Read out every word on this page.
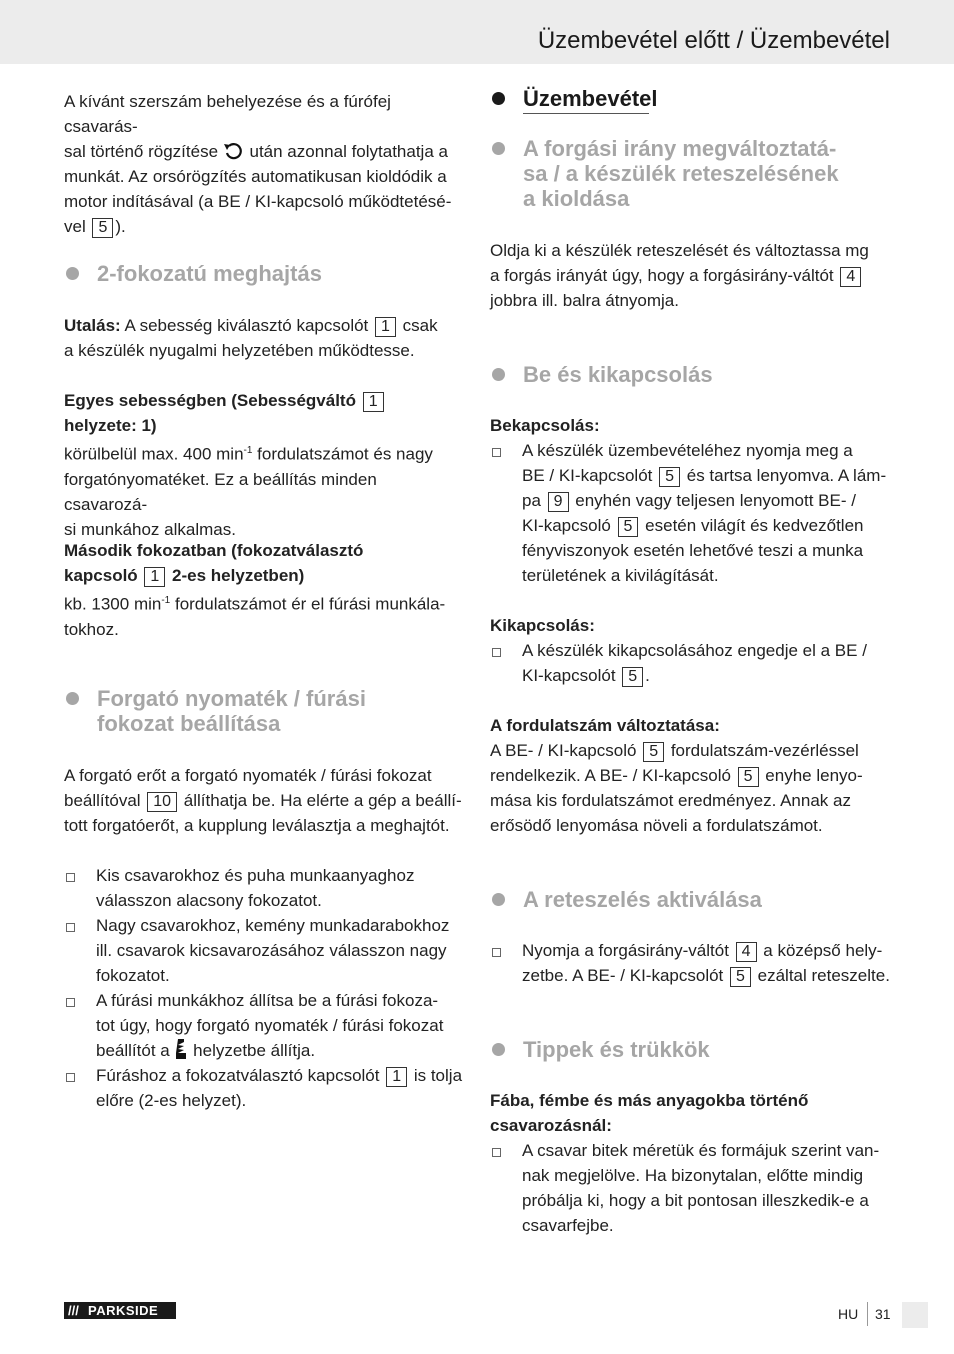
Üzembevétel előtt / Üzembevétel

A kívánt szerszám behelyezése és a fúrófej csavarás-

sal történő rögzítése  után azonnal folytathatja a

munkát. Az orsórögzítés automatikusan kioldódik a

motor indításával (a BE / KI-kapcsoló működtetésé-

vel 5 ).

2-fokozatú meghajtás

Utalás: A sebesség kiválasztó kapcsolót 1 csak

a készülék nyugalmi helyzetében működtesse.

Egyes sebességben (Sebességváltó 1

helyzete: 1)

körülbelül max. 400 $\min^{-1}$ fordulatszámot és nagy

forgatónyomatéket. Ez a beállítás minden csavarozá-

si munkához alkalmas.

Második fokozatban (fokozatválasztó

kapcsoló 1 2-es helyzetben)

kb. 1300 $\min^{-1}$ fordulatszámot ér el fúrási munkála-

tokhoz.

Forgató nyomaték / fúrási
fokozat beállítása

A forgató erőt a forgató nyomaték / fúrási fokozat

beállítóval 10 állíthatja be. Ha elérte a gép a beállí-

tott forgatóerőt, a kupplung leválasztja a meghajtót.

Kis csavarokhoz és puha munkaanyaghoz
válasszon alacsony fokozatot.
Nagy csavarokhoz, kemény munkadarabokhoz
ill. csavarok kicsavarozásához válasszon nagy
fokozatot.
A fúrási munkákhoz állítsa be a fúrási fokoza-
tot úgy, hogy forgató nyomaték / fúrási fokozat
beállítót a  helyzetbe állítja.
Fúráshoz a fokozatválasztó kapcsolót 1 is tolja
előre (2-es helyzet).
Üzembevétel
A forgási irány megváltoztatá-
sa / a készülék reteszelésének
a kioldása

Oldja ki a készülék reteszelését és változtassa mg

a forgás irányát úgy, hogy a forgásirány-váltót 4

jobbra ill. balra átnyomja.

Be és kikapcsolás

Bekapcsolás:

A készülék üzembevételéhez nyomja meg a
BE / KI-kapcsolót 5 és tartsa lenyomva. A lám-
pa 9 enyhén vagy teljesen lenyomott BE- /
KI-kapcsoló 5 esetén világít és kedvezőtlen
fényviszonyok esetén lehetővé teszi a munka
területének a kivilágítását.

Kikapcsolás:

A készülék kikapcsolásához engedje el a BE /
KI-kapcsolót 5 .

A fordulatszám változtatása:

A BE- / KI-kapcsoló 5 fordulatszám-vezérléssel

rendelkezik. A BE- / KI-kapcsoló 5 enyhe lenyo-

mása kis fordulatszámot eredményez. Annak az

erősödő lenyomása növeli a fordulatszámot.

A reteszelés aktiválása
Nyomja a forgásirány-váltót 4 a középső hely-
zetbe. A BE- / KI-kapcsolót 5 ezáltal reteszelte.
Tippek és trükkök

Fába, fémbe és más anyagokba történő

csavarozásnál:

A csavar bitek méretük és formájuk szerint van-
nak megjelölve. Ha bizonytalan, előtte mindig
próbálja ki, hogy a bit pontosan illeszkedik-e a
csavarfejbe.
/// PARKSIDE	HU 31
